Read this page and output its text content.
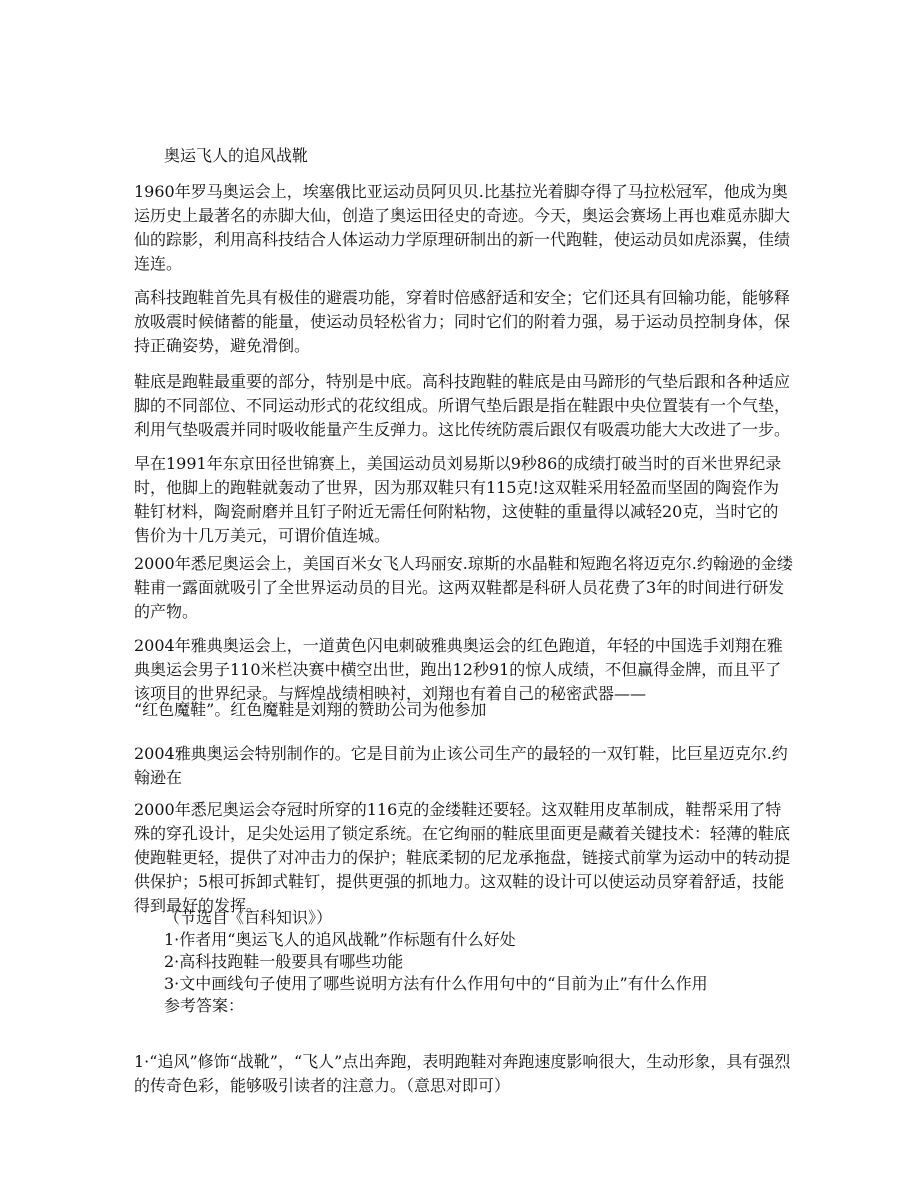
奥运飞人的追风战靴

1960年罗马奥运会上，埃塞俄比亚运动员阿贝贝.比基拉光着脚夺得了马拉松冠军，他成为奥运历史上最著名的赤脚大仙，创造了奥运田径史的奇迹。今天，奥运会赛场上再也难觅赤脚大仙的踪影，利用高科技结合人体运动力学原理研制出的新一代跑鞋，使运动员如虎添翼，佳绩连连。

高科技跑鞋首先具有极佳的避震功能，穿着时倍感舒适和安全；它们还具有回输功能，能够释放吸震时候储蓄的能量，使运动员轻松省力；同时它们的附着力强，易于运动员控制身体，保持正确姿势，避免滑倒。

鞋底是跑鞋最重要的部分，特别是中底。高科技跑鞋的鞋底是由马蹄形的气垫后跟和各种适应脚的不同部位、不同运动形式的花纹组成。所谓气垫后跟是指在鞋跟中央位置装有一个气垫，利用气垫吸震并同时吸收能量产生反弹力。这比传统防震后跟仅有吸震功能大大改进了一步。

早在1991年东京田径世锦赛上，美国运动员刘易斯以9秒86的成绩打破当时的百米世界纪录时，他脚上的跑鞋就轰动了世界，因为那双鞋只有115克!这双鞋采用轻盈而坚固的陶瓷作为鞋钉材料，陶瓷耐磨并且钉子附近无需任何附粘物，这使鞋的重量得以减轻20克，当时它的售价为十几万美元，可谓价值连城。

2000年悉尼奥运会上，美国百米女飞人玛丽安.琼斯的水晶鞋和短跑名将迈克尔.约翰逊的金缕鞋甫一露面就吸引了全世界运动员的目光。这两双鞋都是科研人员花费了3年的时间进行研发的产物。

2004年雅典奥运会上，一道黄色闪电刺破雅典奥运会的红色跑道，年轻的中国选手刘翔在雅典奥运会男子110米栏决赛中横空出世，跑出12秒91的惊人成绩，不但赢得金牌，而且平了该项目的世界纪录。与辉煌战绩相映衬，刘翔也有着自己的秘密武器——

“红色魔鞋”。红色魔鞋是刘翔的赞助公司为他参加

2004雅典奥运会特别制作的。它是目前为止该公司生产的最轻的一双钉鞋，比巨星迈克尔.约翰逊在

2000年悉尼奥运会夺冠时所穿的116克的金缕鞋还要轻。这双鞋用皮革制成，鞋帮采用了特殊的穿孔设计，足尖处运用了锁定系统。在它绚丽的鞋底里面更是藏着关键技术：轻薄的鞋底使跑鞋更轻，提供了对冲击力的保护；鞋底柔韧的尼龙承拖盘，链接式前掌为运动中的转动提供保护；5根可拆卸式鞋钉，提供更强的抓地力。这双鞋的设计可以使运动员穿着舒适，技能得到最好的发挥。

（节选自《百科知识》）
1·作者用“奥运飞人的追风战靴”作标题有什么好处
2·高科技跑鞋一般要具有哪些功能
3·文中画线句子使用了哪些说明方法有什么作用句中的“目前为止”有什么作用
参考答案：

1·“追风”修饰“战靴”，“飞人”点出奔跑，表明跑鞋对奔跑速度影响很大，生动形象，具有强烈的传奇色彩，能够吸引读者的注意力。（意思对即可）
